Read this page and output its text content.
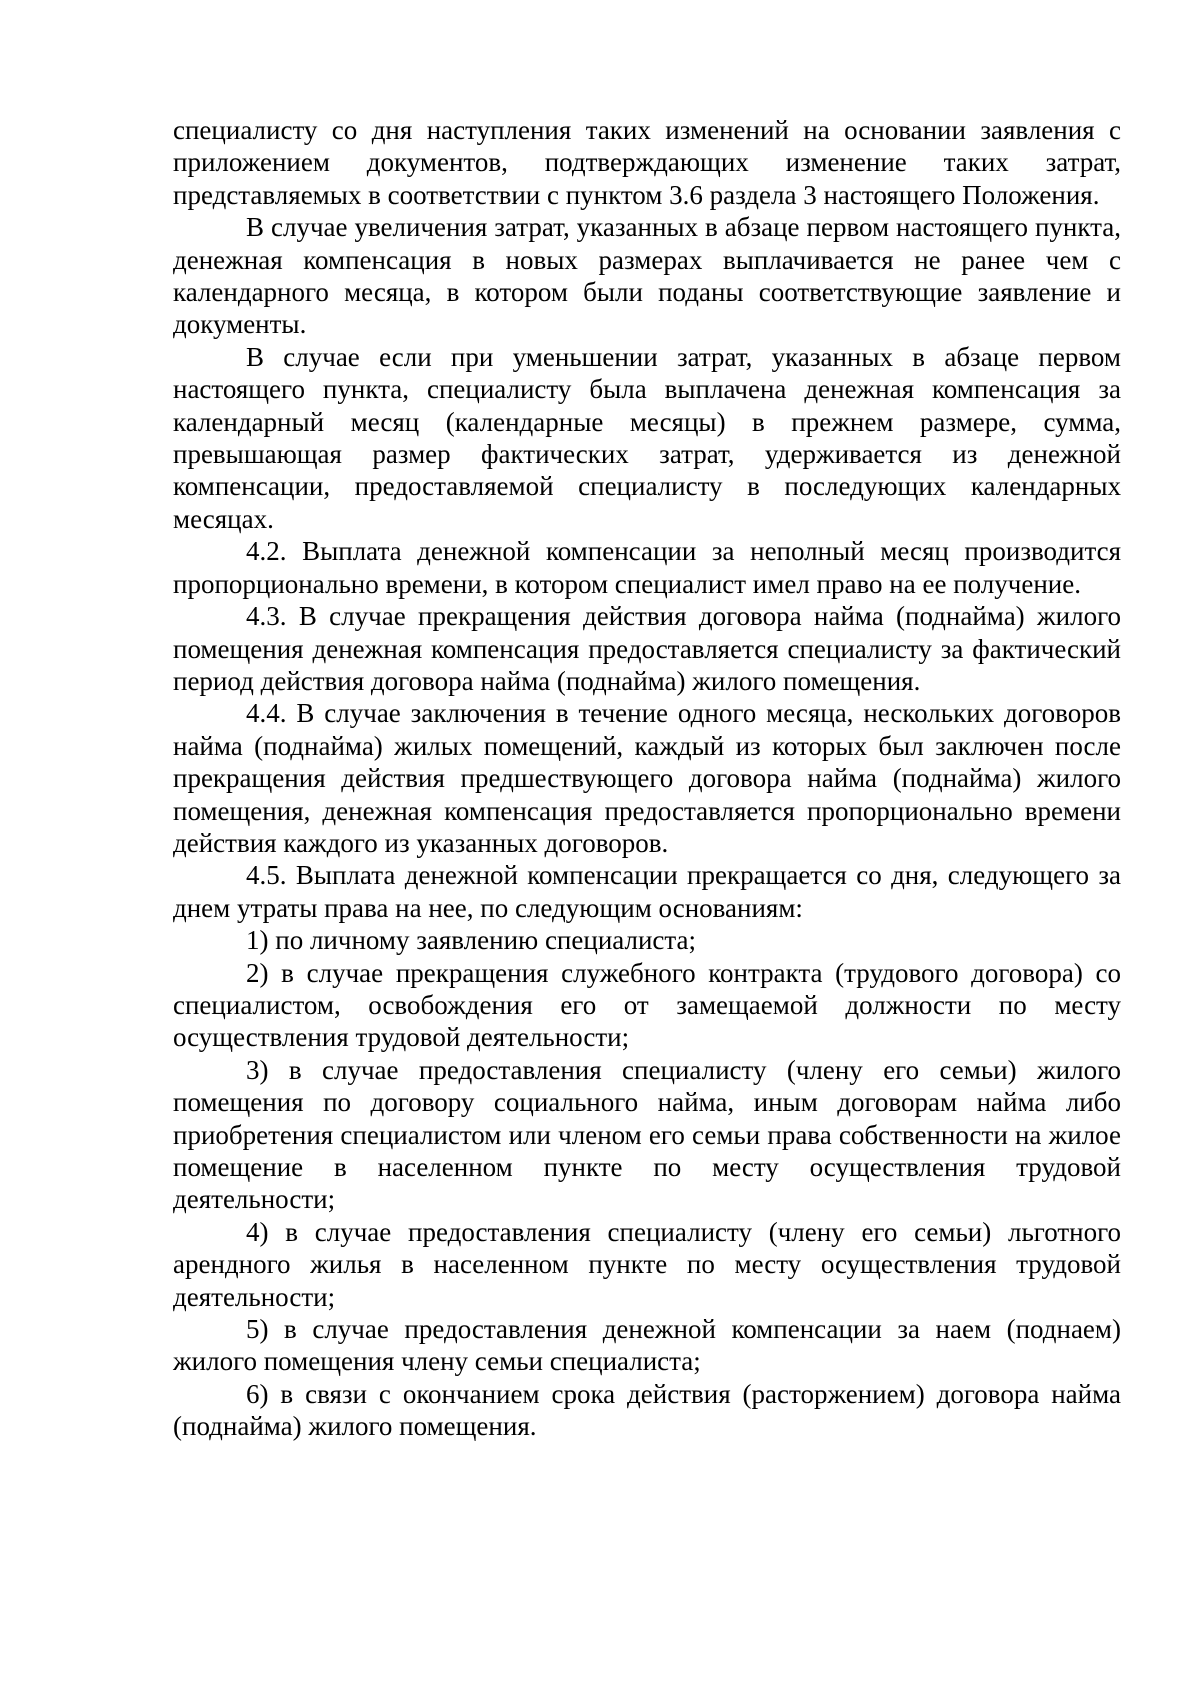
специалисту со дня наступления таких изменений на основании заявления с приложением документов, подтверждающих изменение таких затрат, представляемых в соответствии с пунктом 3.6 раздела 3 настоящего Положения.

В случае увеличения затрат, указанных в абзаце первом настоящего пункта, денежная компенсация в новых размерах выплачивается не ранее чем с календарного месяца, в котором были поданы соответствующие заявление и документы.

В случае если при уменьшении затрат, указанных в абзаце первом настоящего пункта, специалисту была выплачена денежная компенсация за календарный месяц (календарные месяцы) в прежнем размере, сумма, превышающая размер фактических затрат, удерживается из денежной компенсации, предоставляемой специалисту в последующих календарных месяцах.

4.2. Выплата денежной компенсации за неполный месяц производится пропорционально времени, в котором специалист имел право на ее получение.

4.3. В случае прекращения действия договора найма (поднайма) жилого помещения денежная компенсация предоставляется специалисту за фактический период действия договора найма (поднайма) жилого помещения.

4.4. В случае заключения в течение одного месяца, нескольких договоров найма (поднайма) жилых помещений, каждый из которых был заключен после прекращения действия предшествующего договора найма (поднайма) жилого помещения, денежная компенсация предоставляется пропорционально времени действия каждого из указанных договоров.

4.5. Выплата денежной компенсации прекращается со дня, следующего за днем утраты права на нее, по следующим основаниям:

1) по личному заявлению специалиста;

2) в случае прекращения служебного контракта (трудового договора) со специалистом, освобождения его от замещаемой должности по месту осуществления трудовой деятельности;

3) в случае предоставления специалисту (члену его семьи) жилого помещения по договору социального найма, иным договорам найма либо приобретения специалистом или членом его семьи права собственности на жилое помещение в населенном пункте по месту осуществления трудовой деятельности;

4) в случае предоставления специалисту (члену его семьи) льготного арендного жилья в населенном пункте по месту осуществления трудовой деятельности;

5) в случае предоставления денежной компенсации за наем (поднаем) жилого помещения члену семьи специалиста;

6) в связи с окончанием срока действия (расторжением) договора найма (поднайма) жилого помещения.
